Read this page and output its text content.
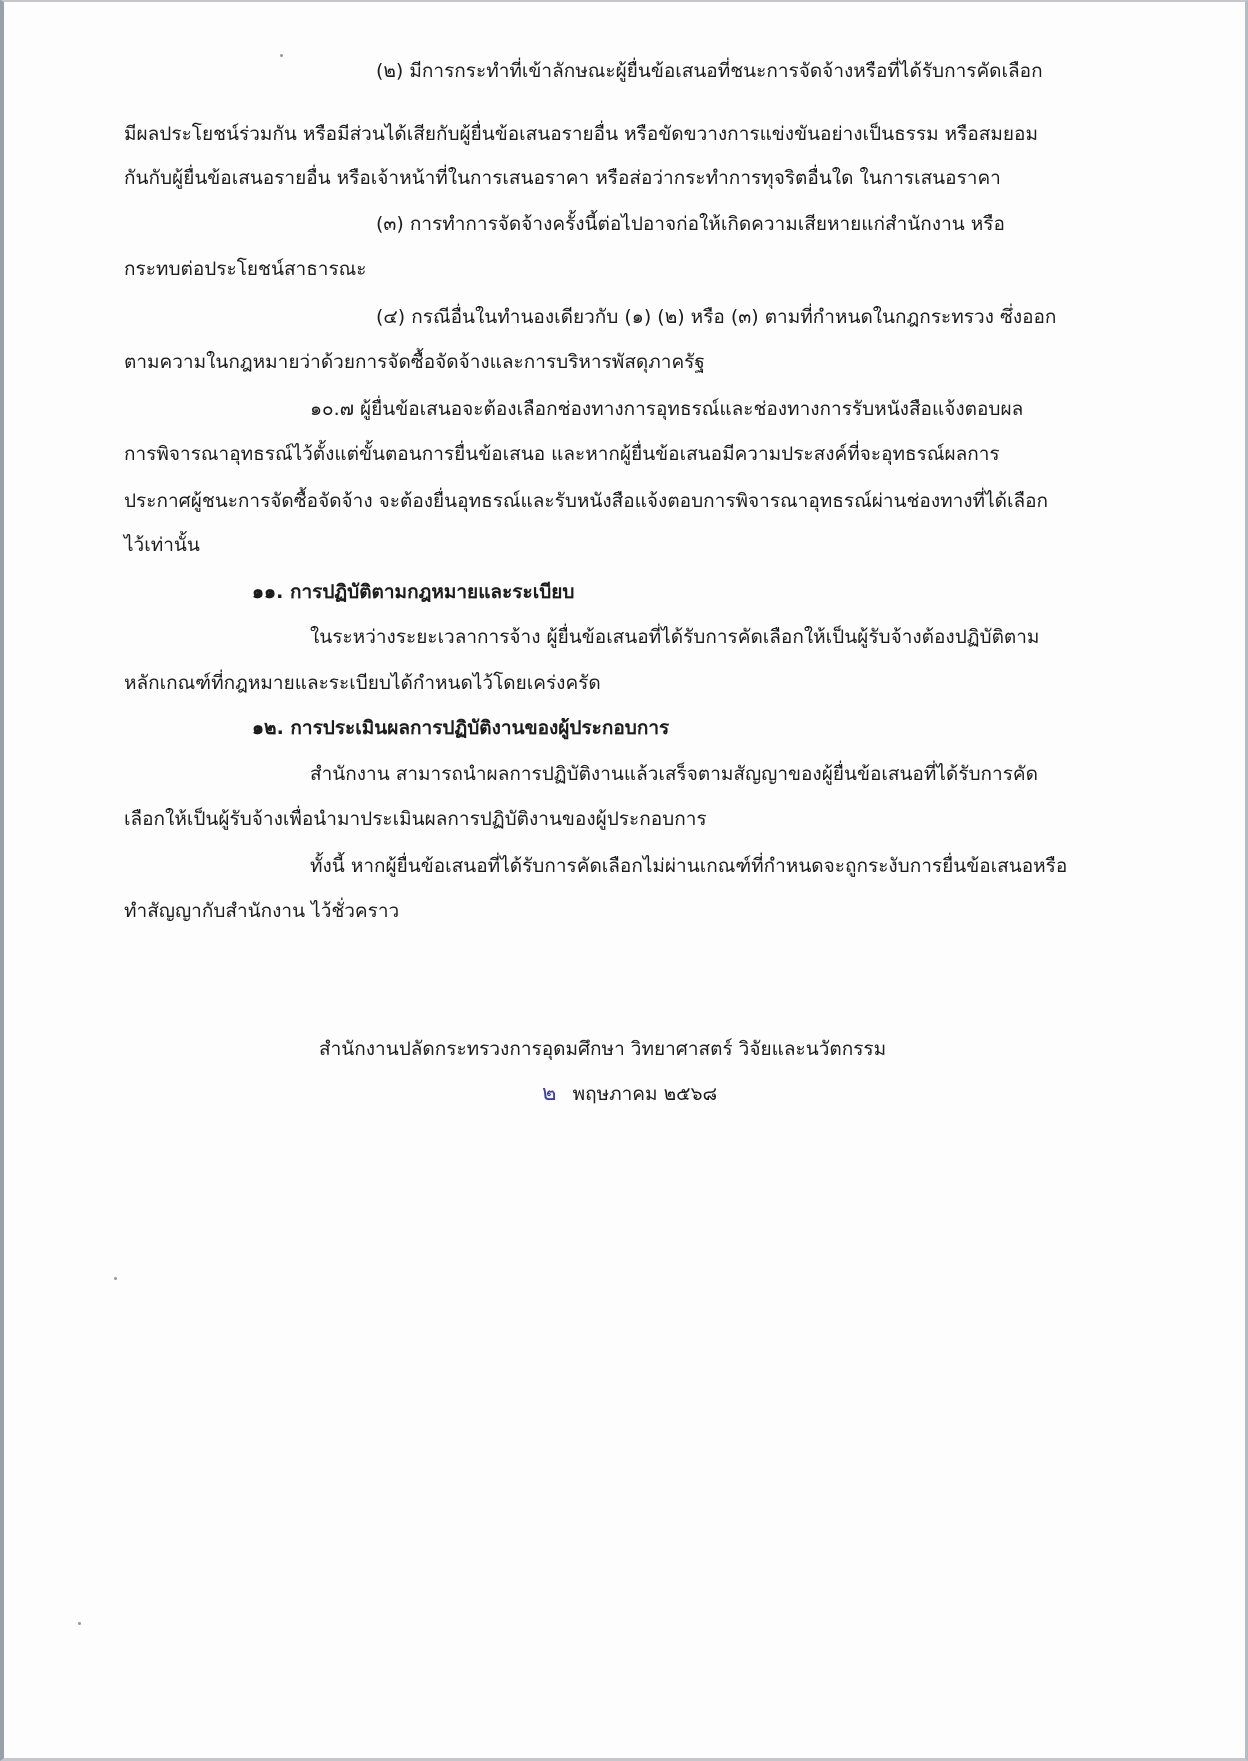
(๒) มีการกระทำที่เข้าลักษณะผู้ยื่นข้อเสนอที่ชนะการจัดจ้างหรือที่ได้รับการคัดเลือก
มีผลประโยชน์ร่วมกัน หรือมีส่วนได้เสียกับผู้ยื่นข้อเสนอรายอื่น หรือขัดขวางการแข่งขันอย่างเป็นธรรม หรือสมยอม
กันกับผู้ยื่นข้อเสนอรายอื่น หรือเจ้าหน้าที่ในการเสนอราคา หรือส่อว่ากระทำการทุจริตอื่นใด ในการเสนอราคา
(๓) การทำการจัดจ้างครั้งนี้ต่อไปอาจก่อให้เกิดความเสียหายแก่สำนักงาน หรือ
กระทบต่อประโยชน์สาธารณะ
(๔) กรณีอื่นในทำนองเดียวกับ (๑) (๒) หรือ (๓) ตามที่กำหนดในกฎกระทรวง ซึ่งออก
ตามความในกฎหมายว่าด้วยการจัดซื้อจัดจ้างและการบริหารพัสดุภาครัฐ
๑๐.๗ ผู้ยื่นข้อเสนอจะต้องเลือกช่องทางการอุทธรณ์และช่องทางการรับหนังสือแจ้งตอบผล
การพิจารณาอุทธรณ์ไว้ตั้งแต่ขั้นตอนการยื่นข้อเสนอ และหากผู้ยื่นข้อเสนอมีความประสงค์ที่จะอุทธรณ์ผลการ
ประกาศผู้ชนะการจัดซื้อจัดจ้าง จะต้องยื่นอุทธรณ์และรับหนังสือแจ้งตอบการพิจารณาอุทธรณ์ผ่านช่องทางที่ได้เลือก
ไว้เท่านั้น
๑๑. การปฏิบัติตามกฎหมายและระเบียบ
ในระหว่างระยะเวลาการจ้าง ผู้ยื่นข้อเสนอที่ได้รับการคัดเลือกให้เป็นผู้รับจ้างต้องปฏิบัติตาม
หลักเกณฑ์ที่กฎหมายและระเบียบได้กำหนดไว้โดยเคร่งครัด
๑๒. การประเมินผลการปฏิบัติงานของผู้ประกอบการ
สำนักงาน สามารถนำผลการปฏิบัติงานแล้วเสร็จตามสัญญาของผู้ยื่นข้อเสนอที่ได้รับการคัด
เลือกให้เป็นผู้รับจ้างเพื่อนำมาประเมินผลการปฏิบัติงานของผู้ประกอบการ
ทั้งนี้ หากผู้ยื่นข้อเสนอที่ได้รับการคัดเลือกไม่ผ่านเกณฑ์ที่กำหนดจะถูกระงับการยื่นข้อเสนอหรือ
ทำสัญญากับสำนักงาน ไว้ชั่วคราว
สำนักงานปลัดกระทรวงการอุดมศึกษา วิทยาศาสตร์ วิจัยและนวัตกรรม
๒ พฤษภาคม ๒๕๖๘
